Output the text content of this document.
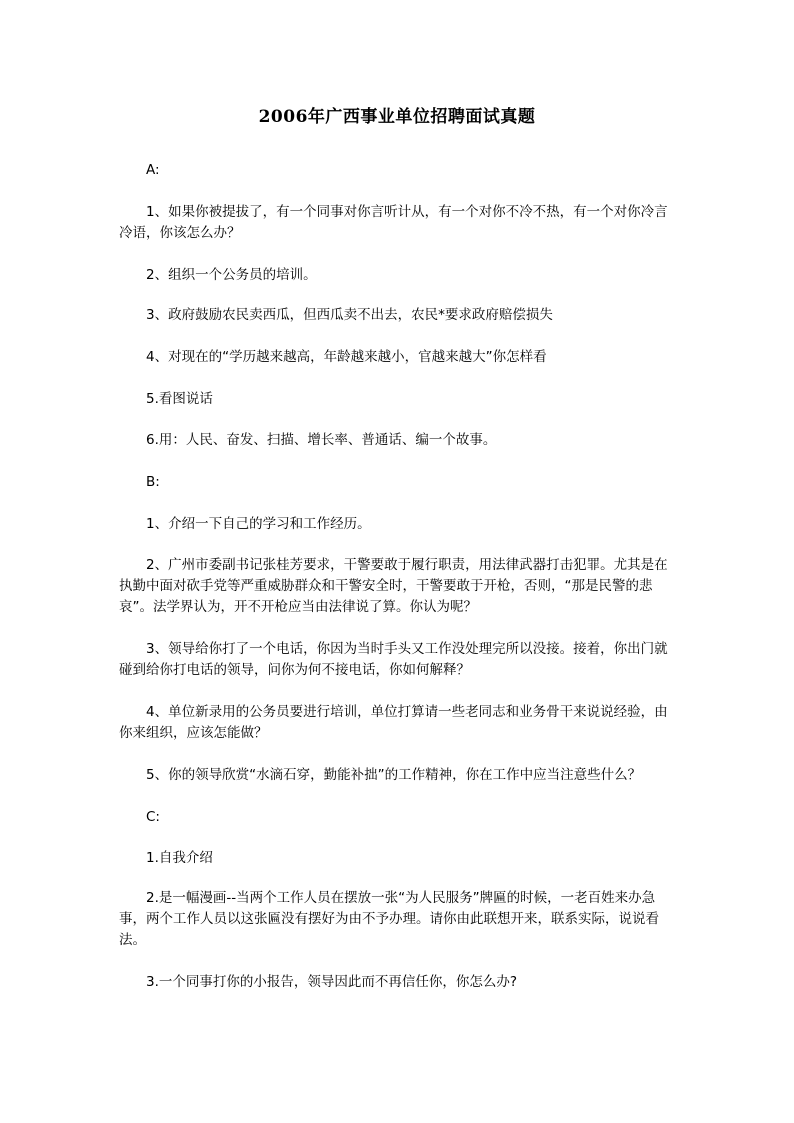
2006年广西事业单位招聘面试真题

A:

1、如果你被提拔了，有一个同事对你言听计从，有一个对你不冷不热，有一个对你冷言冷语，你该怎么办？

2、组织一个公务员的培训。

3、政府鼓励农民卖西瓜，但西瓜卖不出去，农民*要求政府赔偿损失

4、对现在的“学历越来越高，年龄越来越小，官越来越大”你怎样看

5.看图说话

6.用：人民、奋发、扫描、增长率、普通话、编一个故事。

B:

1、介绍一下自己的学习和工作经历。

2、广州市委副书记张桂芳要求，干警要敢于履行职责，用法律武器打击犯罪。尤其是在执勤中面对砍手党等严重威胁群众和干警安全时，干警要敢于开枪，否则，“那是民警的悲哀”。法学界认为，开不开枪应当由法律说了算。你认为呢？

3、领导给你打了一个电话，你因为当时手头又工作没处理完所以没接。接着，你出门就碰到给你打电话的领导，问你为何不接电话，你如何解释？

4、单位新录用的公务员要进行培训，单位打算请一些老同志和业务骨干来说说经验，由你来组织，应该怎能做？

5、你的领导欣赏“水滴石穿，勤能补拙”的工作精神，你在工作中应当注意些什么？

C:

1.自我介绍

2.是一幅漫画--当两个工作人员在摆放一张“为人民服务”牌匾的时候，一老百姓来办急事，两个工作人员以这张匾没有摆好为由不予办理。请你由此联想开来，联系实际，说说看法。

3.一个同事打你的小报告，领导因此而不再信任你，你怎么办?
